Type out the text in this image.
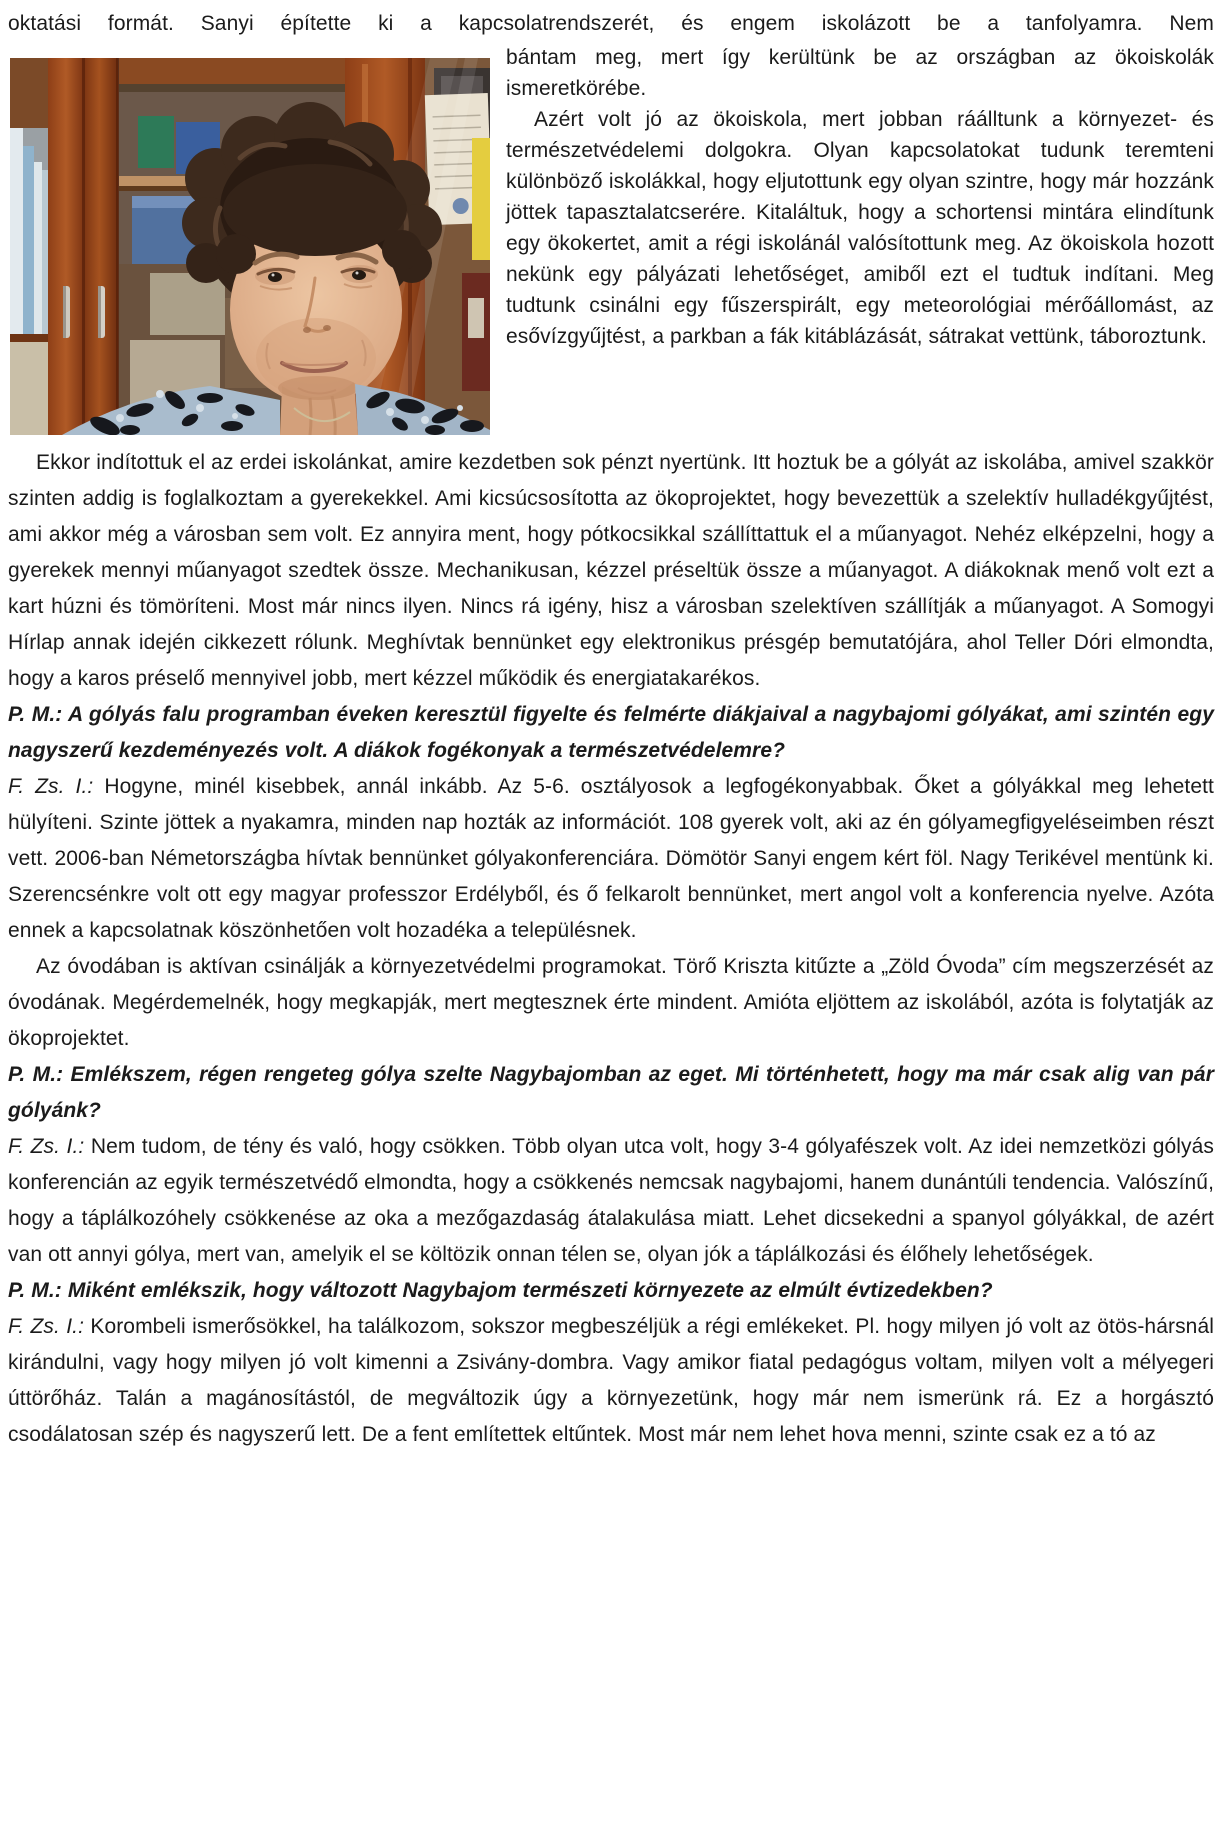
oktatási formát. Sanyi építette ki a kapcsolatrendszerét, és engem iskolázott be a tanfolyamra. Nem

bántam meg, mert így kerültünk be az országban az ökoiskolák ismeretkörébe.

Azért volt jó az ökoiskola, mert jobban ráálltunk a környezet- és természetvédelemi dolgokra. Olyan kapcsolatokat tudunk teremteni különböző iskolákkal, hogy eljutottunk egy olyan szintre, hogy már hozzánk jöttek tapasztalatcserére. Kitaláltuk, hogy a schortensi mintára elindítunk egy ökokertet, amit a régi iskolánál valósítottunk meg. Az ökoiskola hozott nekünk egy pályázati lehetőséget, amiből ezt el tudtuk indítani. Meg tudtunk csinálni egy fűszerspirált, egy meteorológiai mérőállomást, az esővízgyűjtést, a parkban a fák kitáblázását, sátrakat vettünk, táboroztunk.

Ekkor indítottuk el az erdei iskolánkat, amire kezdetben sok pénzt nyertünk. Itt hoztuk be a gólyát az iskolába, amivel szakkör szinten addig is foglalkoztam a gyerekekkel. Ami kicsúcsosította az ökoprojektet, hogy bevezettük a szelektív hulladékgyűjtést, ami akkor még a városban sem volt. Ez annyira ment, hogy pótkocsikkal szállíttattuk el a műanyagot. Nehéz elképzelni, hogy a gyerekek mennyi műanyagot szedtek össze. Mechanikusan, kézzel préseltük össze a műanyagot. A diákoknak menő volt ezt a kart húzni és tömöríteni. Most már nincs ilyen. Nincs rá igény, hisz a városban szelektíven szállítják a műanyagot. A Somogyi Hírlap annak idején cikkezett rólunk. Meghívtak bennünket egy elektronikus présgép bemutatójára, ahol Teller Dóri elmondta, hogy a karos préselő mennyivel jobb, mert kézzel működik és energiatakarékos.

P. M.: A gólyás falu programban éveken keresztül figyelte és felmérte diákjaival a nagybajomi gólyákat, ami szintén egy nagyszerű kezdeményezés volt. A diákok fogékonyak a természetvédelemre?

F. Zs. I.: Hogyne, minél kisebbek, annál inkább. Az 5-6. osztályosok a legfogékonyabbak. Őket a gólyákkal meg lehetett hülyíteni. Szinte jöttek a nyakamra, minden nap hozták az információt. 108 gyerek volt, aki az én gólyamegfigyeléseimben részt vett. 2006-ban Németországba hívtak bennünket gólyakonferenciára. Dömötör Sanyi engem kért föl. Nagy Terikével mentünk ki. Szerencsénkre volt ott egy magyar professzor Erdélyből, és ő felkarolt bennünket, mert angol volt a konferencia nyelve. Azóta ennek a kapcsolatnak köszönhetően volt hozadéka a településnek.

Az óvodában is aktívan csinálják a környezetvédelmi programokat. Törő Kriszta kitűzte a „Zöld Óvoda” cím megszerzését az óvodának. Megérdemelnék, hogy megkapják, mert megtesznek érte mindent. Amióta eljöttem az iskolából, azóta is folytatják az ökoprojektet.

P. M.: Emlékszem, régen rengeteg gólya szelte Nagybajomban az eget. Mi történhetett, hogy ma már csak alig van pár gólyánk?

F. Zs. I.: Nem tudom, de tény és való, hogy csökken. Több olyan utca volt, hogy 3-4 gólyafészek volt. Az idei nemzetközi gólyás konferencián az egyik természetvédő elmondta, hogy a csökkenés nemcsak nagybajomi, hanem dunántúli tendencia. Valószínű, hogy a táplálkozóhely csökkenése az oka a mezőgazdaság átalakulása miatt. Lehet dicsekedni a spanyol gólyákkal, de azért van ott annyi gólya, mert van, amelyik el se költözik onnan télen se, olyan jók a táplálkozási és élőhely lehetőségek.

P. M.: Miként emlékszik, hogy változott Nagybajom természeti környezete az elmúlt évtizedekben?

F. Zs. I.: Korombeli ismerősökkel, ha találkozom, sokszor megbeszéljük a régi emlékeket. Pl. hogy milyen jó volt az ötös-hársnál kirándulni, vagy hogy milyen jó volt kimenni a Zsivány-dombra. Vagy amikor fiatal pedagógus voltam, milyen volt a mélyegeri úttörőház. Talán a magánosítástól, de megváltozik úgy a környezetünk, hogy már nem ismerünk rá. Ez a horgásztó csodálatosan szép és nagyszerű lett. De a fent említettek eltűntek. Most már nem lehet hova menni, szinte csak ez a tó az
